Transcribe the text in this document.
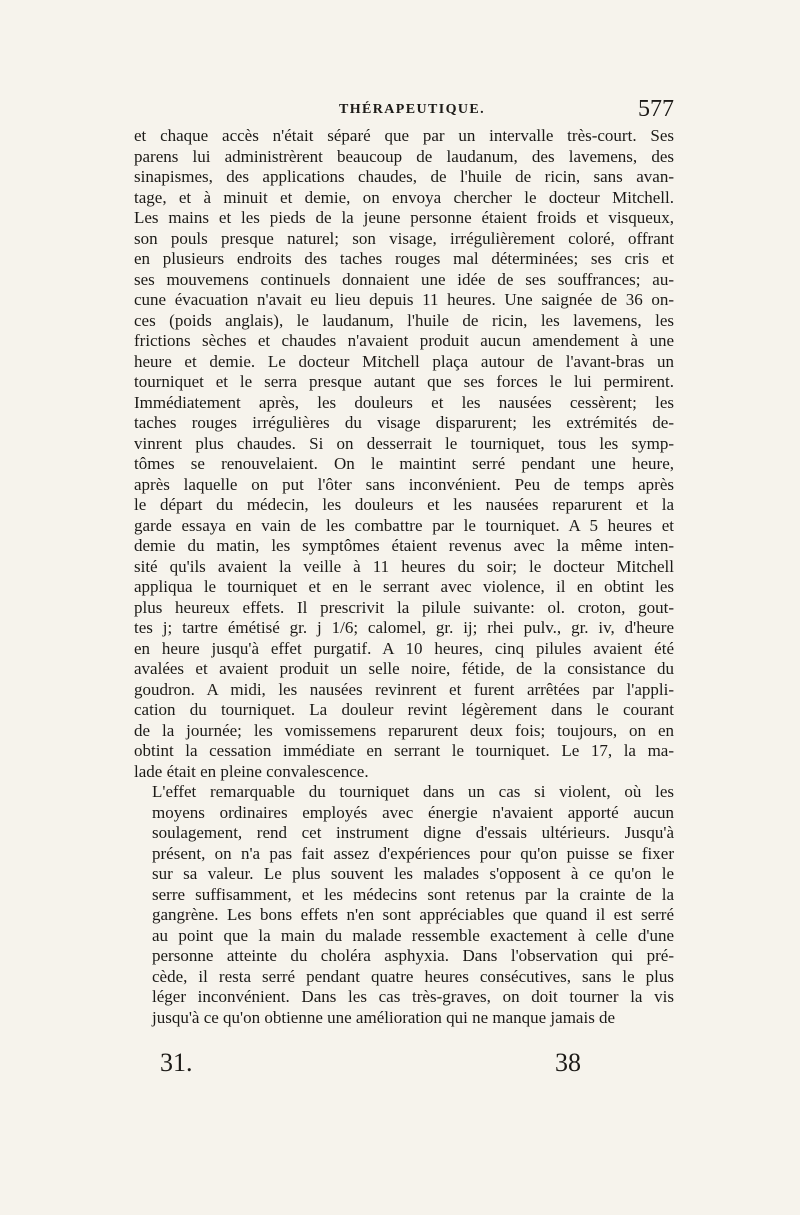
THÉRAPEUTIQUE.	577

et chaque accès n'était séparé que par un intervalle très-court. Ses
parens lui administrèrent beaucoup de laudanum, des lavemens, des
sinapismes, des applications chaudes, de l'huile de ricin, sans avan-
tage, et à minuit et demie, on envoya chercher le docteur Mitchell.
Les mains et les pieds de la jeune personne étaient froids et visqueux,
son pouls presque naturel; son visage, irrégulièrement coloré, offrant
en plusieurs endroits des taches rouges mal déterminées; ses cris et
ses mouvemens continuels donnaient une idée de ses souffrances; au-
cune évacuation n'avait eu lieu depuis 11 heures. Une saignée de 36 on-
ces (poids anglais), le laudanum, l'huile de ricin, les lavemens, les
frictions sèches et chaudes n'avaient produit aucun amendement à une
heure et demie. Le docteur Mitchell plaça autour de l'avant-bras un
tourniquet et le serra presque autant que ses forces le lui permirent.
Immédiatement après, les douleurs et les nausées cessèrent; les
taches rouges irrégulières du visage disparurent; les extrémités de-
vinrent plus chaudes. Si on desserrait le tourniquet, tous les symp-
tômes se renouvelaient. On le maintint serré pendant une heure,
après laquelle on put l'ôter sans inconvénient. Peu de temps après
le départ du médecin, les douleurs et les nausées reparurent et la
garde essaya en vain de les combattre par le tourniquet. A 5 heures et
demie du matin, les symptômes étaient revenus avec la même inten-
sité qu'ils avaient la veille à 11 heures du soir; le docteur Mitchell
appliqua le tourniquet et en le serrant avec violence, il en obtint les
plus heureux effets. Il prescrivit la pilule suivante: ol. croton, gout-
tes j; tartre émétisé gr. j 1/6; calomel, gr. ij; rhei pulv., gr. iv, d'heure
en heure jusqu'à effet purgatif. A 10 heures, cinq pilules avaient été
avalées et avaient produit un selle noire, fétide, de la consistance du
goudron. A midi, les nausées revinrent et furent arrêtées par l'appli-
cation du tourniquet. La douleur revint légèrement dans le courant
de la journée; les vomissemens reparurent deux fois; toujours, on en
obtint la cessation immédiate en serrant le tourniquet. Le 17, la ma-
lade était en pleine convalescence.

L'effet remarquable du tourniquet dans un cas si violent, où les
moyens ordinaires employés avec énergie n'avaient apporté aucun
soulagement, rend cet instrument digne d'essais ultérieurs. Jusqu'à
présent, on n'a pas fait assez d'expériences pour qu'on puisse se fixer
sur sa valeur. Le plus souvent les malades s'opposent à ce qu'on le
serre suffisamment, et les médecins sont retenus par la crainte de la
gangrène. Les bons effets n'en sont appréciables que quand il est serré
au point que la main du malade ressemble exactement à celle d'une
personne atteinte du choléra asphyxia. Dans l'observation qui pré-
cède, il resta serré pendant quatre heures consécutives, sans le plus
léger inconvénient. Dans les cas très-graves, on doit tourner la vis
jusqu'à ce qu'on obtienne une amélioration qui ne manque jamais de

31.	38
